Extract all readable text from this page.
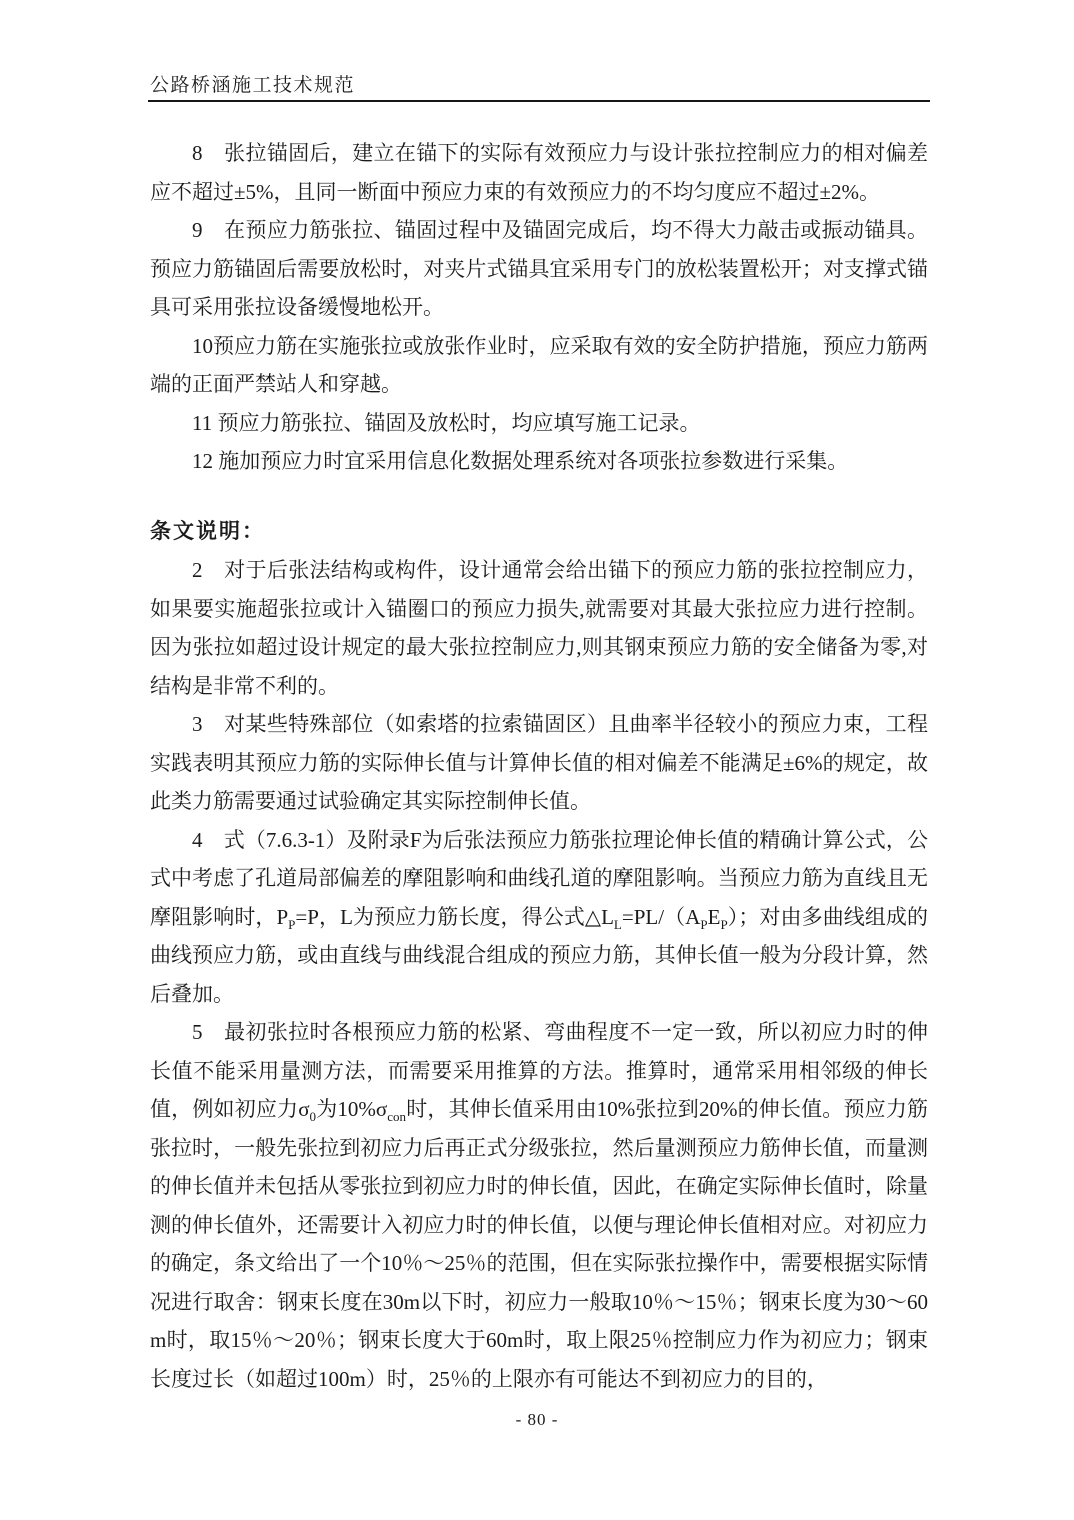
公路桥涵施工技术规范

8　张拉锚固后，建立在锚下的实际有效预应力与设计张拉控制应力的相对偏差应不超过±5%，且同一断面中预应力束的有效预应力的不均匀度应不超过±2%。

9　在预应力筋张拉、锚固过程中及锚固完成后，均不得大力敲击或振动锚具。预应力筋锚固后需要放松时，对夹片式锚具宜采用专门的放松装置松开；对支撑式锚具可采用张拉设备缓慢地松开。

10预应力筋在实施张拉或放张作业时，应采取有效的安全防护措施，预应力筋两端的正面严禁站人和穿越。

11 预应力筋张拉、锚固及放松时，均应填写施工记录。

12 施加预应力时宜采用信息化数据处理系统对各项张拉参数进行采集。

条文说明：

2　对于后张法结构或构件，设计通常会给出锚下的预应力筋的张拉控制应力，如果要实施超张拉或计入锚圈口的预应力损失,就需要对其最大张拉应力进行控制。因为张拉如超过设计规定的最大张拉控制应力,则其钢束预应力筋的安全储备为零,对结构是非常不利的。

3　对某些特殊部位（如索塔的拉索锚固区）且曲率半径较小的预应力束，工程实践表明其预应力筋的实际伸长值与计算伸长值的相对偏差不能满足±6%的规定，故此类力筋需要通过试验确定其实际控制伸长值。

4　式（7.6.3-1）及附录F为后张法预应力筋张拉理论伸长值的精确计算公式，公式中考虑了孔道局部偏差的摩阻影响和曲线孔道的摩阻影响。当预应力筋为直线且无摩阻影响时，$P_P=P$，L为预应力筋长度，得公式$\triangle L_L=PL/(A_PE_P)$；对由多曲线组成的曲线预应力筋，或由直线与曲线混合组成的预应力筋，其伸长值一般为分段计算，然后叠加。

5　最初张拉时各根预应力筋的松紧、弯曲程度不一定一致，所以初应力时的伸长值不能采用量测方法，而需要采用推算的方法。推算时，通常采用相邻级的伸长值，例如初应力$\sigma_0$为$10\%\sigma_{con}$时，其伸长值采用由10%张拉到20%的伸长值。预应力筋张拉时，一般先张拉到初应力后再正式分级张拉，然后量测预应力筋伸长值，而量测的伸长值并未包括从零张拉到初应力时的伸长值，因此，在确定实际伸长值时，除量测的伸长值外，还需要计入初应力时的伸长值，以便与理论伸长值相对应。对初应力的确定，条文给出了一个10％～25％的范围，但在实际张拉操作中，需要根据实际情况进行取舍：钢束长度在30m以下时，初应力一般取10％～15％；钢束长度为30～60m时，取15％～20％；钢束长度大于60m时，取上限25％控制应力作为初应力；钢束长度过长（如超过100m）时，25％的上限亦有可能达不到初应力的目的，

- 80 -
